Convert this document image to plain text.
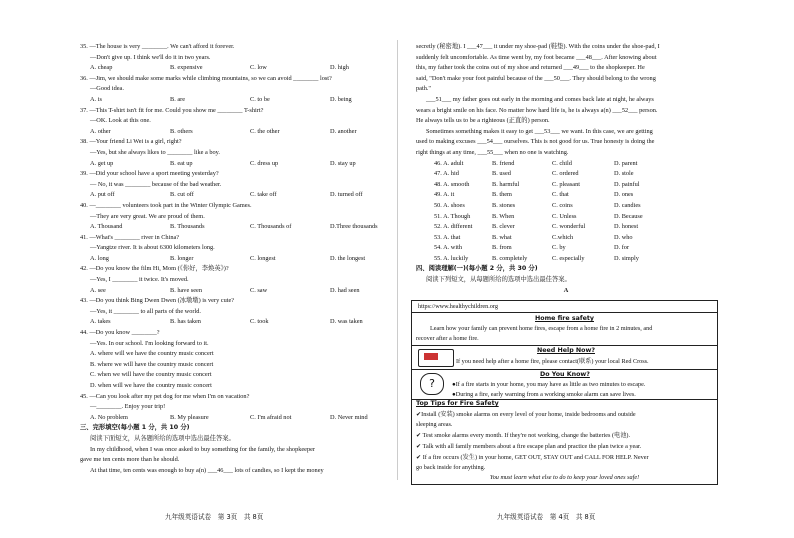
35. —The house is very ________. We can't afford it forever.
—Don't give up. I think we'll do it in two years.
A. cheap	B. expensive	C. low	D. high
36. —Jim, we should make some marks while climbing mountains, so we can avoid ________ lost?
—Good idea.
A. is	B. are	C. to be	D. being
37. —This T-shirt isn't fit for me. Could you show me ________ T-shirt?
—OK. Look at this one.
A. other	B. others	C. the other	D. another
38. —Your friend Li Wei is a girl, right?
—Yes, but she always likes to ________ like a boy.
A. get up	B. eat up	C. dress up	D. stay up
39. —Did your school have a sport meeting yesterday?
— No, it was ________ because of the bad weather.
A. put off	B. cut off	C. take off	D. turned off
40. —________ volunteers took part in the Winter Olympic Games.
—They are very great. We are proud of them.
A. Thousand	B. Thousands	C. Thousands of	D.Three thousands
41. —What's ________ river in China?
—Yangtze river. It is about 6300 kilometers long.
A. long	B. longer	C. longest	D. the longest
42. —Do you know the film Hi, Mom (《你好，李焕英》)?
—Yes, I ________ it twice. It's moved.
A. see	B. have seen	C. saw	D. had seen
43. —Do you think Bing Dwen Dwen (冰墩墩) is very cute?
—Yes, it ________ to all parts of the world.
A. takes	B. has taken	C. took	D. was taken
44. —Do you know ________?
—Yes. In our school. I'm looking forward to it.
A. where will we have the country music concert
B. where we will have the country music concert
C. when we will have the country music concert
D. when will we have the country music concert
45. —Can you look after my pet dog for me when I'm on vacation?
—________. Enjoy your trip!
A. No problem	B. My pleasure	C. I'm afraid not	D. Never mind
三、完形填空(每小题 1 分，共 10 分)
阅读下面短文，从各题所给的选项中选出最佳答案。
In my childhood, when I was once asked to buy something for the family, the shopkeeper
gave me ten cents more than he should.
At that time, ten cents was enough to buy a(n) ___46___ lots of candies, so I kept the money
secretly (秘密地). I ___47___ it under my shoe-pad (鞋垫). With the coins under the shoe-pad, I
suddenly felt uncomfortable. As time went by, my foot became ___48___. After knowing about
this, my father took the coins out of my shoe and returned ___49___ to the shopkeeper. He
said, "Don't make your foot painful because of the ___50___. They should belong to the wrong
path."
___51___ my father goes out early in the morning and comes back late at night, he always
wears a bright smile on his face. No matter how hard life is, he is always a(n) ___52___ person.
He always tells us to be a righteous (正直的) person.
Sometimes something makes it easy to get ___53___ we want. In this case, we are getting
used to making excuses ___54___ ourselves. This is not good for us. True honesty is doing the
right things at any time, ___55___ when no one is watching.
46. A. adult	B. friend	C. child	D. parent
47. A. hid	B. used	C. ordered	D. stole
48. A. smooth	B. harmful	C. pleasant	D. painful
49. A. it	B. them	C. that	D. ones
50. A. shoes	B. stones	C. coins	D. candies
51. A. Though	B. When	C. Unless	D. Because
52. A. different	B. clever	C. wonderful	D. honest
53. A. that	B. what	C.which	D. who
54. A. with	B. from	C. by	D. for
55. A. luckily	B. completely	C. especially	D. simply
四、阅读理解(一)(每小题 2 分，共 30 分)
阅读下列短文，从每题所给的选项中选出最佳答案。
A
https://www.healthychildren.org
Home fire safety
Learn how your family can prevent home fires, escape from a home fire in 2 minutes, and
recover after a home fire.
Need Help Now?
If you need help after a home fire, please contact(联系) your local Red Cross.
?
Do You Know?
●If a fire starts in your home, you may have as little as two minutes to escape.
●During a fire, early warning from a working smoke alarm can save lives.
Top Tips for Fire Safety
✔Install (安装) smoke alarms on every level of your home, inside bedrooms and outside
sleeping areas.
✔ Test smoke alarms every month. If they're not working, change the batteries (电池).
✔ Talk with all family members about a fire escape plan and practice the plan twice a year.
✔ If a fire occurs (发生) in your home, GET OUT, STAY OUT and CALL FOR HELP. Never
go back inside for anything.
You must learn what else to do to keep your loved ones safe!
九年级英语试卷　第 3页　共 8页	九年级英语试卷　第 4页　共 8页
